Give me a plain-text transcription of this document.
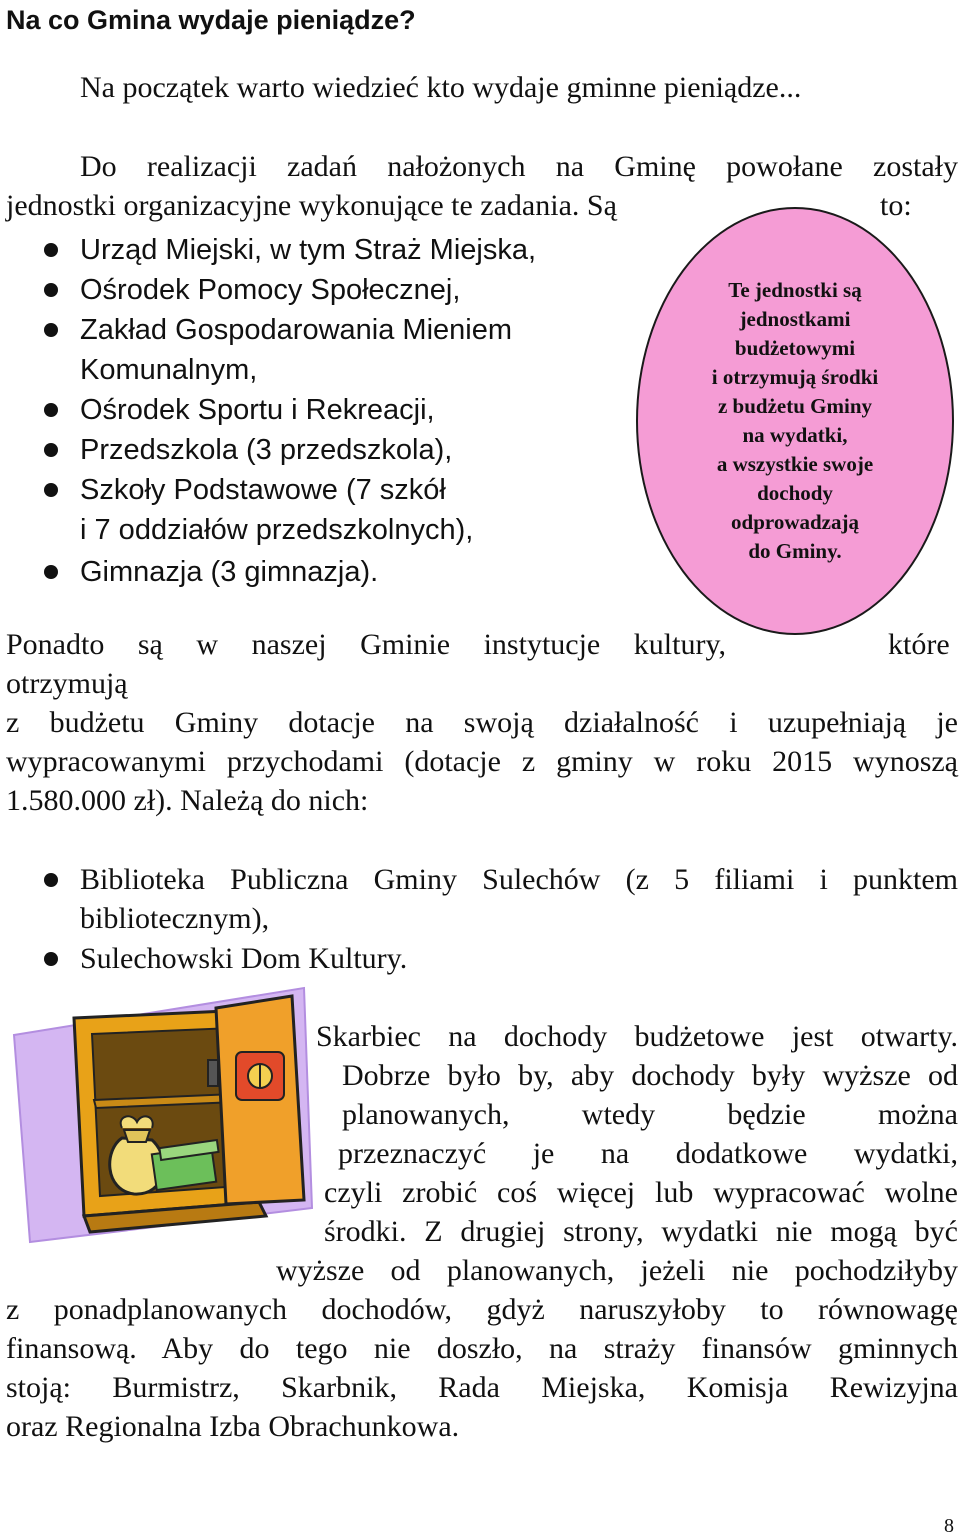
Na co Gmina wydaje pieniądze?
Na początek warto wiedzieć kto wydaje gminne pieniądze...
Do realizacji zadań nałożonych na Gminę powołane zostały
jednostki organizacyjne wykonujące te zadania. Są	to:
Urząd Miejski, w tym Straż Miejska,
Ośrodek Pomocy Społecznej,
Zakład Gospodarowania Mieniem
Komunalnym,
Ośrodek Sportu i Rekreacji,
Przedszkola (3 przedszkola),
Szkoły Podstawowe (7 szkół
i 7 oddziałów przedszkolnych),
Gimnazja (3 gimnazja).
Te jednostki są
jednostkami
budżetowymi
i otrzymują środki
z budżetu Gminy
na wydatki,
a wszystkie swoje
dochody
odprowadzają
do Gminy.
Ponadto są w naszej Gminie instytucje kultury,	które
otrzymują
z budżetu Gminy dotacje na swoją działalność i uzupełniają je
wypracowanymi przychodami (dotacje z gminy w roku 2015 wynoszą
1.580.000 zł). Należą do nich:
Biblioteka Publiczna Gminy Sulechów (z 5 filiami i punktem
bibliotecznym),
Sulechowski Dom Kultury.
Skarbiec na dochody budżetowe jest otwarty.
Dobrze było by, aby dochody były wyższe od
planowanych, wtedy będzie można
przeznaczyć je na dodatkowe wydatki,
czyli zrobić coś więcej lub wypracować wolne
środki. Z drugiej strony, wydatki nie mogą być
wyższe od planowanych, jeżeli nie pochodziłyby
z ponadplanowanych dochodów, gdyż naruszyłoby to równowagę
finansową. Aby do tego nie doszło, na straży finansów gminnych
stoją: Burmistrz, Skarbnik, Rada Miejska, Komisja Rewizyjna
oraz Regionalna Izba Obrachunkowa.
8
